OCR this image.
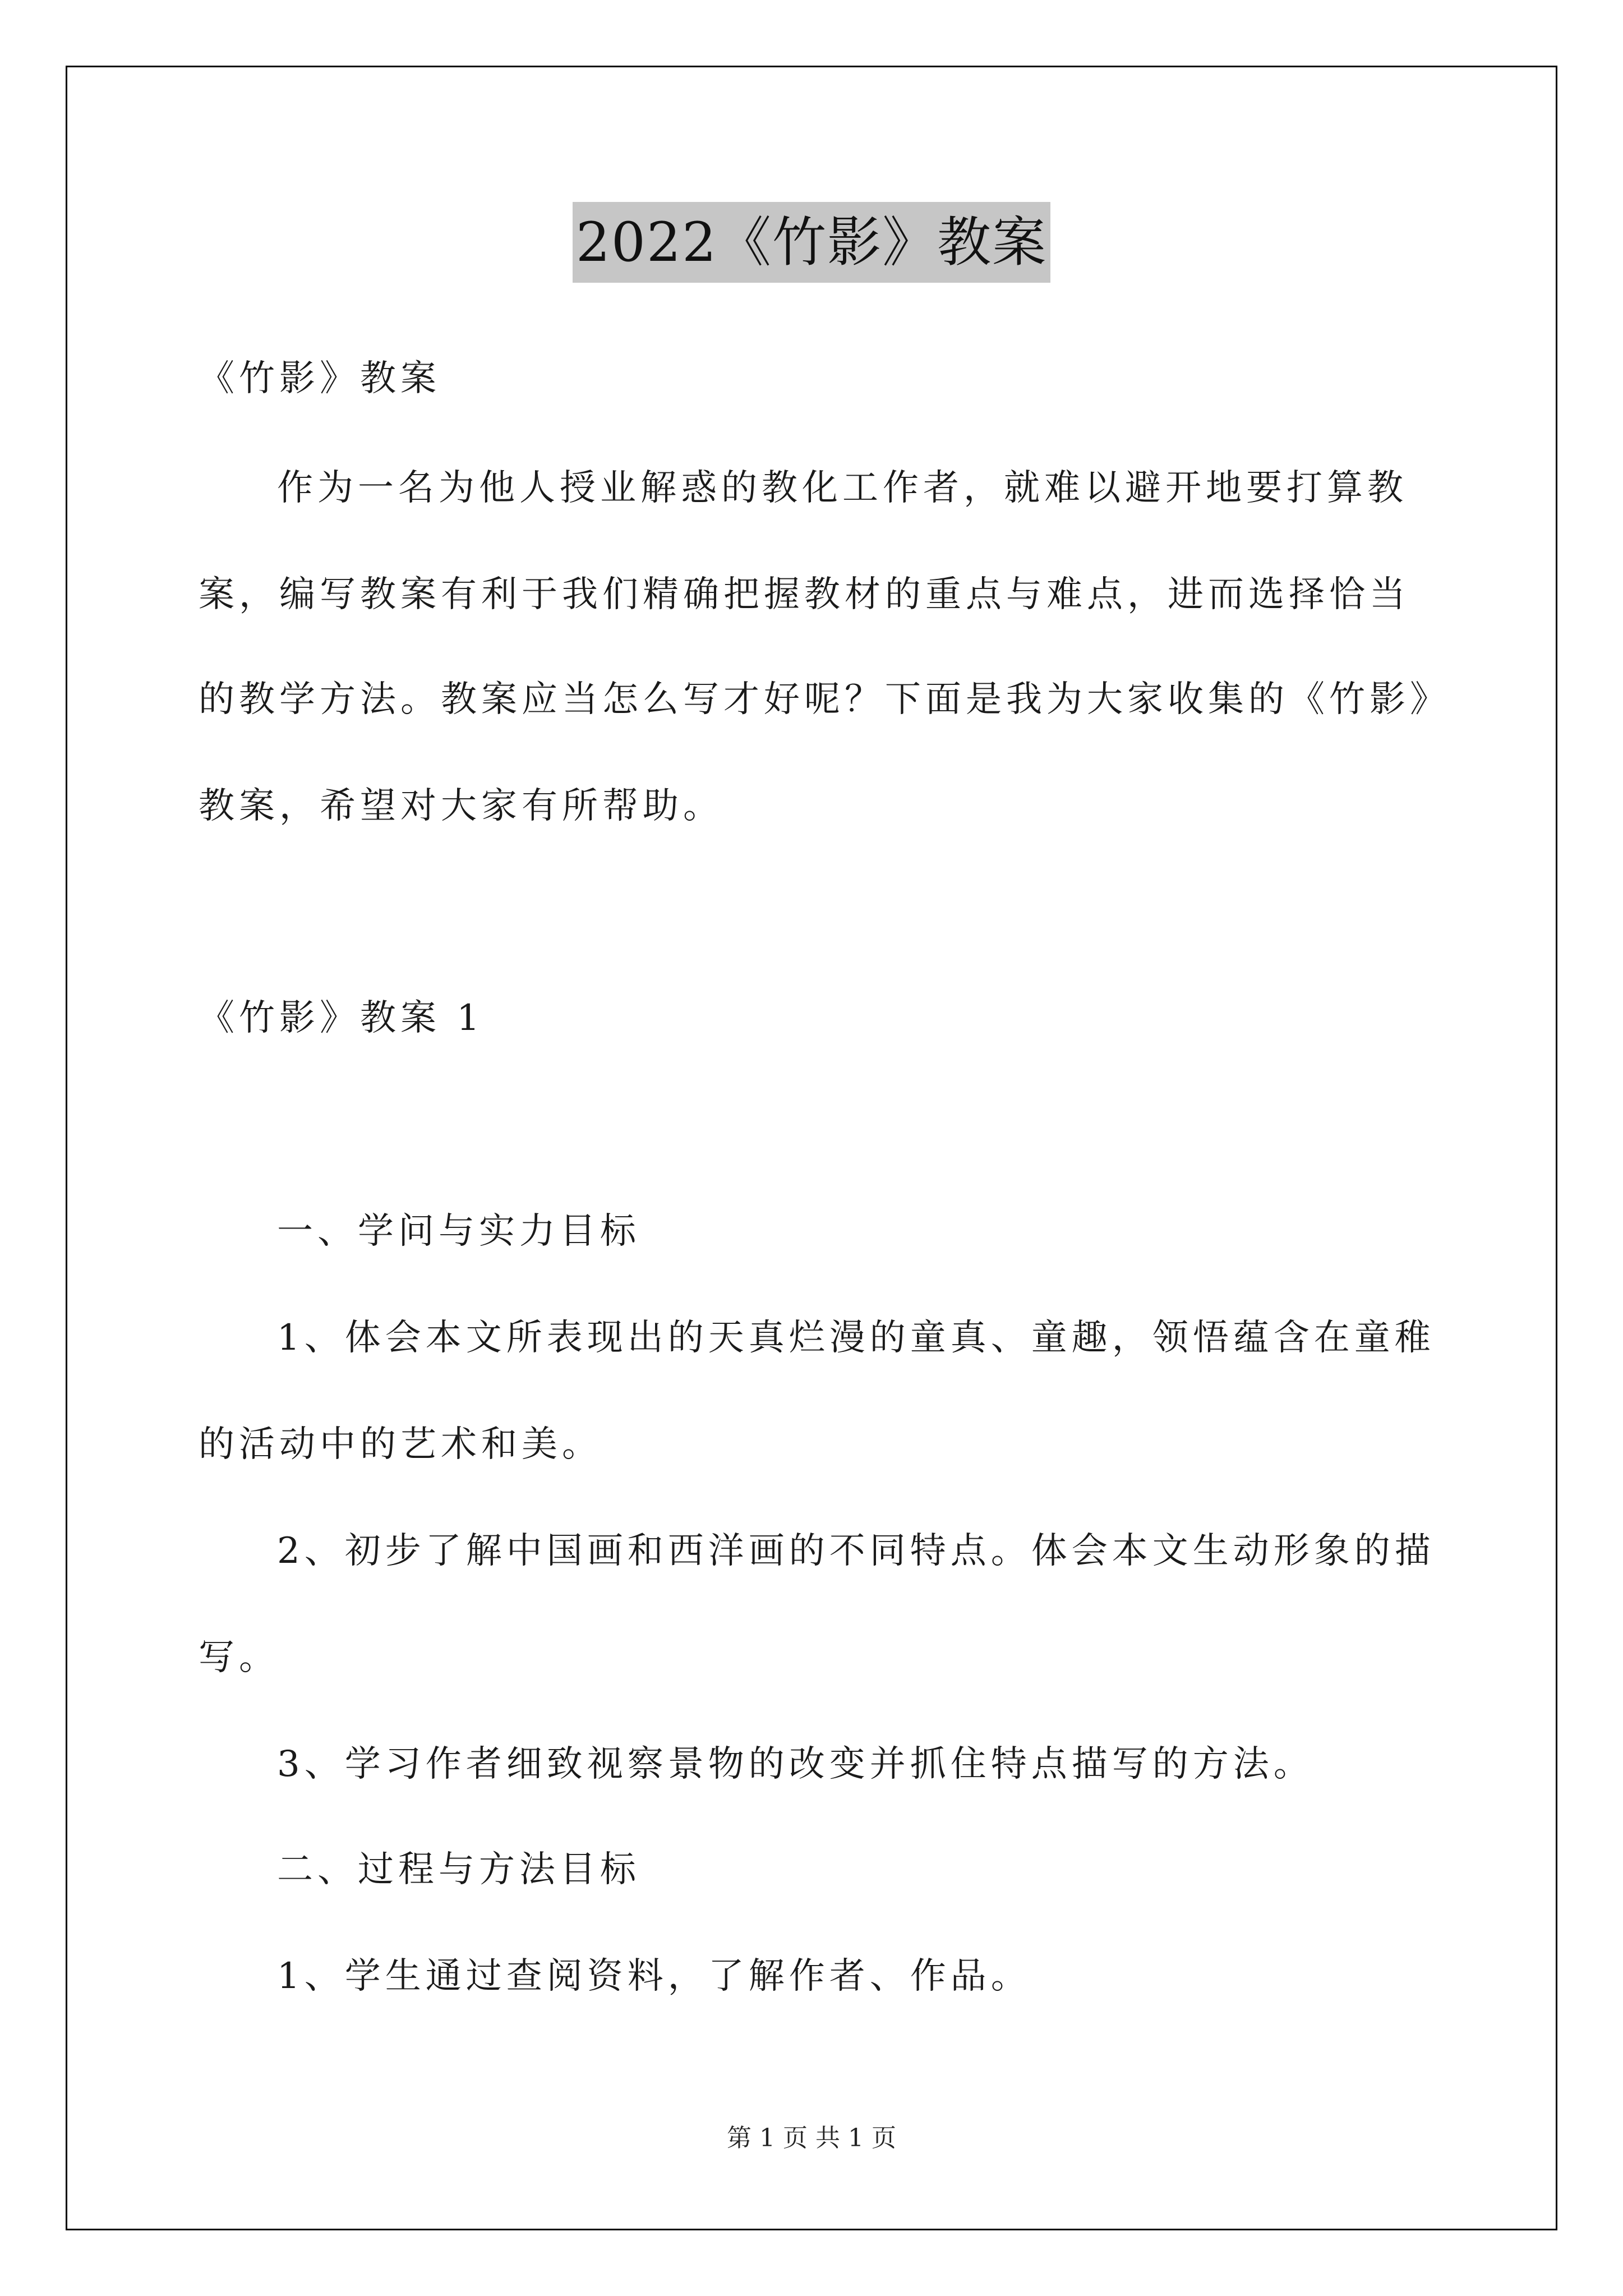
2022《竹影》教案
《竹影》教案
作为一名为他人授业解惑的教化工作者，就难以避开地要打算教
案，编写教案有利于我们精确把握教材的重点与难点，进而选择恰当
的教学方法。教案应当怎么写才好呢？下面是我为大家收集的《竹影》
教案，希望对大家有所帮助。
《竹影》教案 1
一、学问与实力目标
1、体会本文所表现出的天真烂漫的童真、童趣，领悟蕴含在童稚
的活动中的艺术和美。
2、初步了解中国画和西洋画的不同特点。体会本文生动形象的描
写。
3、学习作者细致视察景物的改变并抓住特点描写的方法。
二、过程与方法目标
1、学生通过查阅资料，了解作者、作品。
第 1 页 共 1 页
